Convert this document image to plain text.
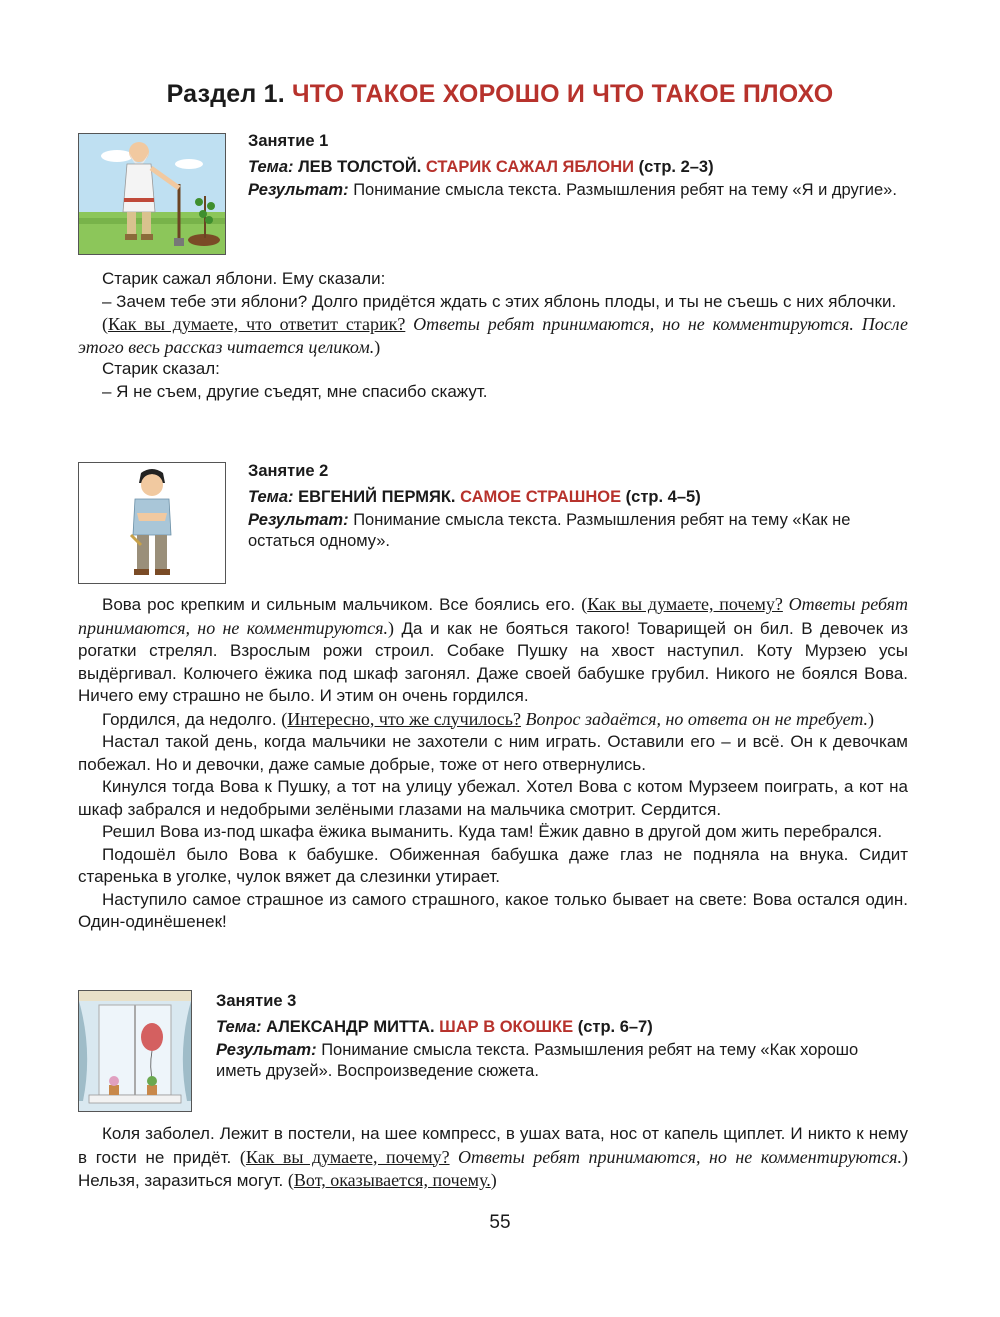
Раздел 1. ЧТО ТАКОЕ ХОРОШО И ЧТО ТАКОЕ ПЛОХО
Занятие 1
Тема: ЛЕВ ТОЛСТОЙ. СТАРИК САЖАЛ ЯБЛОНИ (стр. 2–3)
Результат: Понимание смысла текста. Размышления ребят на тему «Я и другие».

Старик сажал яблони. Ему сказали:

– Зачем тебе эти яблони? Долго придётся ждать с этих яблонь плоды, и ты не съешь с них яблочки.

(Как вы думаете, что ответит старик? Ответы ребят принимаются, но не комментируются. После этого весь рассказ читается целиком.)

Старик сказал:

– Я не съем, другие съедят, мне спасибо скажут.

Занятие 2
Тема: ЕВГЕНИЙ ПЕРМЯК. САМОЕ СТРАШНОЕ (стр. 4–5)
Результат: Понимание смысла текста. Размышления ребят на тему «Как не остаться одному».

Вова рос крепким и сильным мальчиком. Все боялись его. (Как вы думаете, почему? Ответы ребят принимаются, но не комментируются.) Да и как не бояться такого! Товарищей он бил. В девочек из рогатки стрелял. Взрослым рожи строил. Собаке Пушку на хвост наступил. Коту Мурзею усы выдёргивал. Колючего ёжика под шкаф загонял. Даже своей бабушке грубил. Никого не боялся Вова. Ничего ему страшно не было. И этим он очень гордился.

Гордился, да недолго. (Интересно, что же случилось? Вопрос задаётся, но ответа он не требует.)

Настал такой день, когда мальчики не захотели с ним играть. Оставили его – и всё. Он к девочкам побежал. Но и девочки, даже самые добрые, тоже от него отвернулись.

Кинулся тогда Вова к Пушку, а тот на улицу убежал. Хотел Вова с котом Мурзеем поиграть, а кот на шкаф забрался и недобрыми зелёными глазами на мальчика смотрит. Сердится.

Решил Вова из-под шкафа ёжика выманить. Куда там! Ёжик давно в другой дом жить перебрался.

Подошёл было Вова к бабушке. Обиженная бабушка даже глаз не подняла на внука. Сидит старенька в уголке, чулок вяжет да слезинки утирает.

Наступило самое страшное из самого страшного, какое только бывает на свете: Вова остался один. Один-одинёшенек!

Занятие 3
Тема: АЛЕКСАНДР МИТТА. ШАР В ОКОШКЕ (стр. 6–7)
Результат: Понимание смысла текста. Размышления ребят на тему «Как хорошо иметь друзей». Воспроизведение сюжета.

Коля заболел. Лежит в постели, на шее компресс, в ушах вата, нос от капель щиплет. И никто к нему в гости не придёт. (Как вы думаете, почему? Ответы ребят принимаются, но не комментируются.) Нельзя, заразиться могут. (Вот, оказывается, почему.)

55
